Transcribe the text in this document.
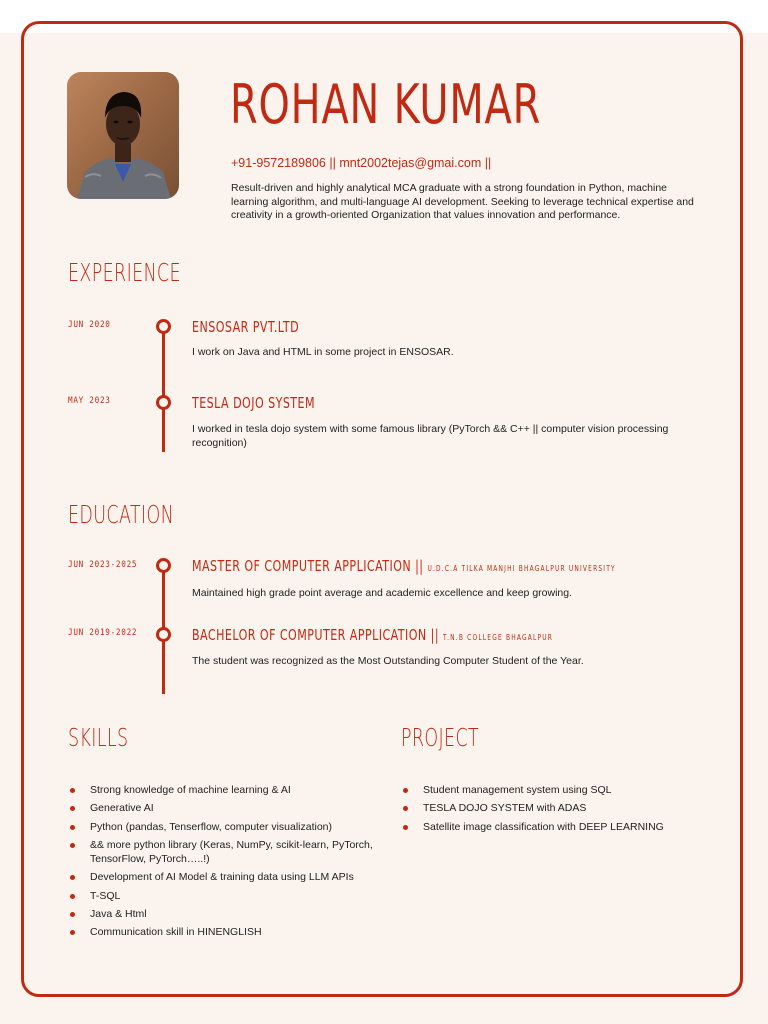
ROHAN KUMAR
+91-9572189806 || mnt2002tejas@gmai.com ||
Result-driven and highly analytical MCA graduate with a strong foundation in Python, machine learning algorithm, and multi-language AI development. Seeking to leverage technical expertise and creativity in a growth-oriented Organization that values innovation and performance.
EXPERIENCE
JUN 2020	ENSOSAR PVT.LTD
I work on Java and HTML in some project in ENSOSAR.
MAY 2023	TESLA DOJO SYSTEM
I worked in tesla dojo system with some famous library (PyTorch && C++ || computer vision processing recognition)
EDUCATION
JUN 2023-2025	MASTER OF COMPUTER APPLICATION || U.D.C.A TILKA MANJHI BHAGALPUR UNIVERSITY
Maintained high grade point average and academic excellence and keep growing.
JUN 2019-2022	BACHELOR OF COMPUTER APPLICATION || T.N.B COLLEGE BHAGALPUR
The student was recognized as the Most Outstanding Computer Student of the Year.
SKILLS
Strong knowledge of machine learning & AI
Generative AI
Python (pandas, Tenserflow, computer visualization)
&& more python library (Keras, NumPy, scikit-learn, PyTorch, TensorFlow, PyTorch…..!)
Development of AI Model & training data using LLM APIs
T-SQL
Java & Html
Communication skill in HINENGLISH
PROJECT
Student management system using SQL
TESLA DOJO SYSTEM with ADAS
Satellite image classification with DEEP LEARNING
